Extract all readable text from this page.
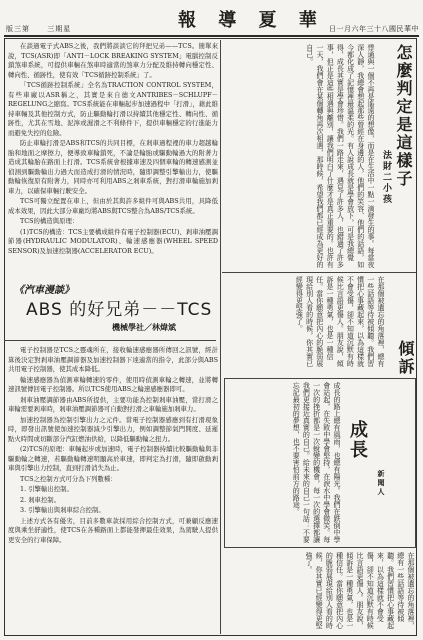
版三第 三期星	報 導 夏 華 日一月六年三十八國民華中

在談過電子式ABS之後，我們將談談它的拜把兄弟——TCS。簡單來說，TCS(ASR)即「ANTI－LOCK BREAKING SYSTEM」電腦控制反鎖煞車系統，可提供車輛在煞車時適當的煞車力分配及維持轉向穩定性、轉向性、循跡性，使有效「TCS循跡控制系統」了。

「TCS循跡控制系統」全名為TRACTION CONTROL SYSTEM，有些車廠以ASR稱之，其實是來自德文ANTRIBES－SCHLUPF－REGELUNG之縮寫。TCS系統能在車輛起步加速過程中「打滑」，藉此維持車輛及其他控制方式，防止驅動輪打滑以持續其他穩定性、轉向性、循跡性，尤其在雪地、泥濘或濕滑之不利條件下，提供車輛穩定的行進能力而避免失控的危險。

防止車輪打滑是ABS和TCS的共同目標，在剎車過程裡的車力超越輪胎和地面之摩擦力，便導致車輪鎖死，不論是輪胎或驅動輪過大的附著力造成其輪胎在路面上打滑。TCS系統會根據車速及四個車輪的轉速感測並偵測到驅動輪出力過大而造成打滑的情況時，隨即調整引擎輸出力，使驅動輪恢復原有附著力，同時亦可利用ABS之剎車系統，對打滑車輪施加剎車力，以確保車輛行駛安全。

TCS可獨立配置在車上，但由於其與許多組件可與ABS共用，具降低成本效果，因此大部分車廠均將ABS與TCS整合為ABS/TCS系統。

TCS的構造與原理：

(1)TCS的構造：TCS主要構成組件有電子控制器(ECU)、剎車油壓調節器(HYDRAULIC MODULATOR)、輪速感應器(WHEEL SPEED SENSOR)及加速控制器(ACCELERATOR ECU)。

《汽車漫談》
ABS 的好兄弟－－TCS
機械學社／林煒斌

電子控制器是TCS之靈魂所在，接收輪速感應器所傳回之訊號，經計算後決定對剎車油壓調節器及加速控制器下達適當的指令，此部分與ABS共用電子控制器，使其成本降低。

輪速感應器為偵測車輪轉速的零件，使用時偵測車輪之轉速，並將轉速訊號傳回電子控制器。所以TCS使用ABS之輪速感應器即可。

剎車油壓調節器由ABS所提供，主要功能為控制剎車油壓，當打滑之車輪需要剎車時，剎車油壓調節器可自動對打滑之車輪施加剎車力。

加速控制器為控制引擎出力之元件。當電子控制器感應到有打滑現象時，即發出訊號使加速控制器減少引擎出力，例如調整節氣門開度、延遲點火時間或切斷部分汽缸燃油供給，以降低驅動輪之扭力。

(2)TCS的原理：車輛起步或加速時，電子控制器持續比較驅動輪與非驅動輪之轉速，若驅動輪轉速明顯高於車速，即判定為打滑，隨即啟動剎車與引擎出力控制，直到打滑消失為止。

TCS之控制方式可分為下列數種：

1. 引擎輸出控制。

2. 剎車控制。

3. 引擎輸出與剎車綜合控制。

上述方式各有優劣，目前多數車款採用綜合控制方式，可兼顧反應速度與乘坐舒適性，使TCS在各種路面上都能發揮最佳效果，為駕駛人提供更安全的行車保障。

悸通與一個不再是遙遠的想像，而是在生活中一點一滴發生的事。每當夜深人靜，我總會想起那些曾經在身邊的人，他們的笑容、他們的話語，如今都化成了記憶裡最溫柔的光。有人說成長就是學會放下，可是我總覺得，成長其實是學會珍惜。我們一路走來，遇見了許多人，也錯過了許多事，但正是這些相遇與離別，讓我們明白了什麼才是真正重要的。也許有一天，我們會在某個轉角再次相遇，那時候，希望我們都已經成為更好的自己。	怎麼判定是這樣子
法財二小孩
在那個被遺忘的角落裡，總有一些話語等待被傾聽。我們習慣把心事藏起來，以為這樣就不會受傷，卻不知道沉默有時候比言語更傷人。朋友說，傾訴是一種勇氣，也是一種信任。當你願意把內心的脆弱展現給別人看的時候，你其實已經變得更堅強了。
傾訴
成長的路上總有風雨，也總有陽光。我們在跌倒中學會站起，在失敗中學會堅持，在淚水中學會微笑。每一次的挫折都是一次蛻變的機會，每一次的選擇都讓我們更接近真實的自己。給未來的自己一句話：不要忘記最初的夢想，也不要害怕前方的路途。	成長
新聞人
在那個被遺忘的角落裡，總有一些話語等待被傾聽。我們習慣把心事藏起來，以為這樣就不會受傷，卻不知道沉默有時候比言語更傷人。朋友說，傾訴是一種勇氣，也是一種信任。當你願意把內心的脆弱展現給別人看的時候，你其實已經變得更堅強了。
